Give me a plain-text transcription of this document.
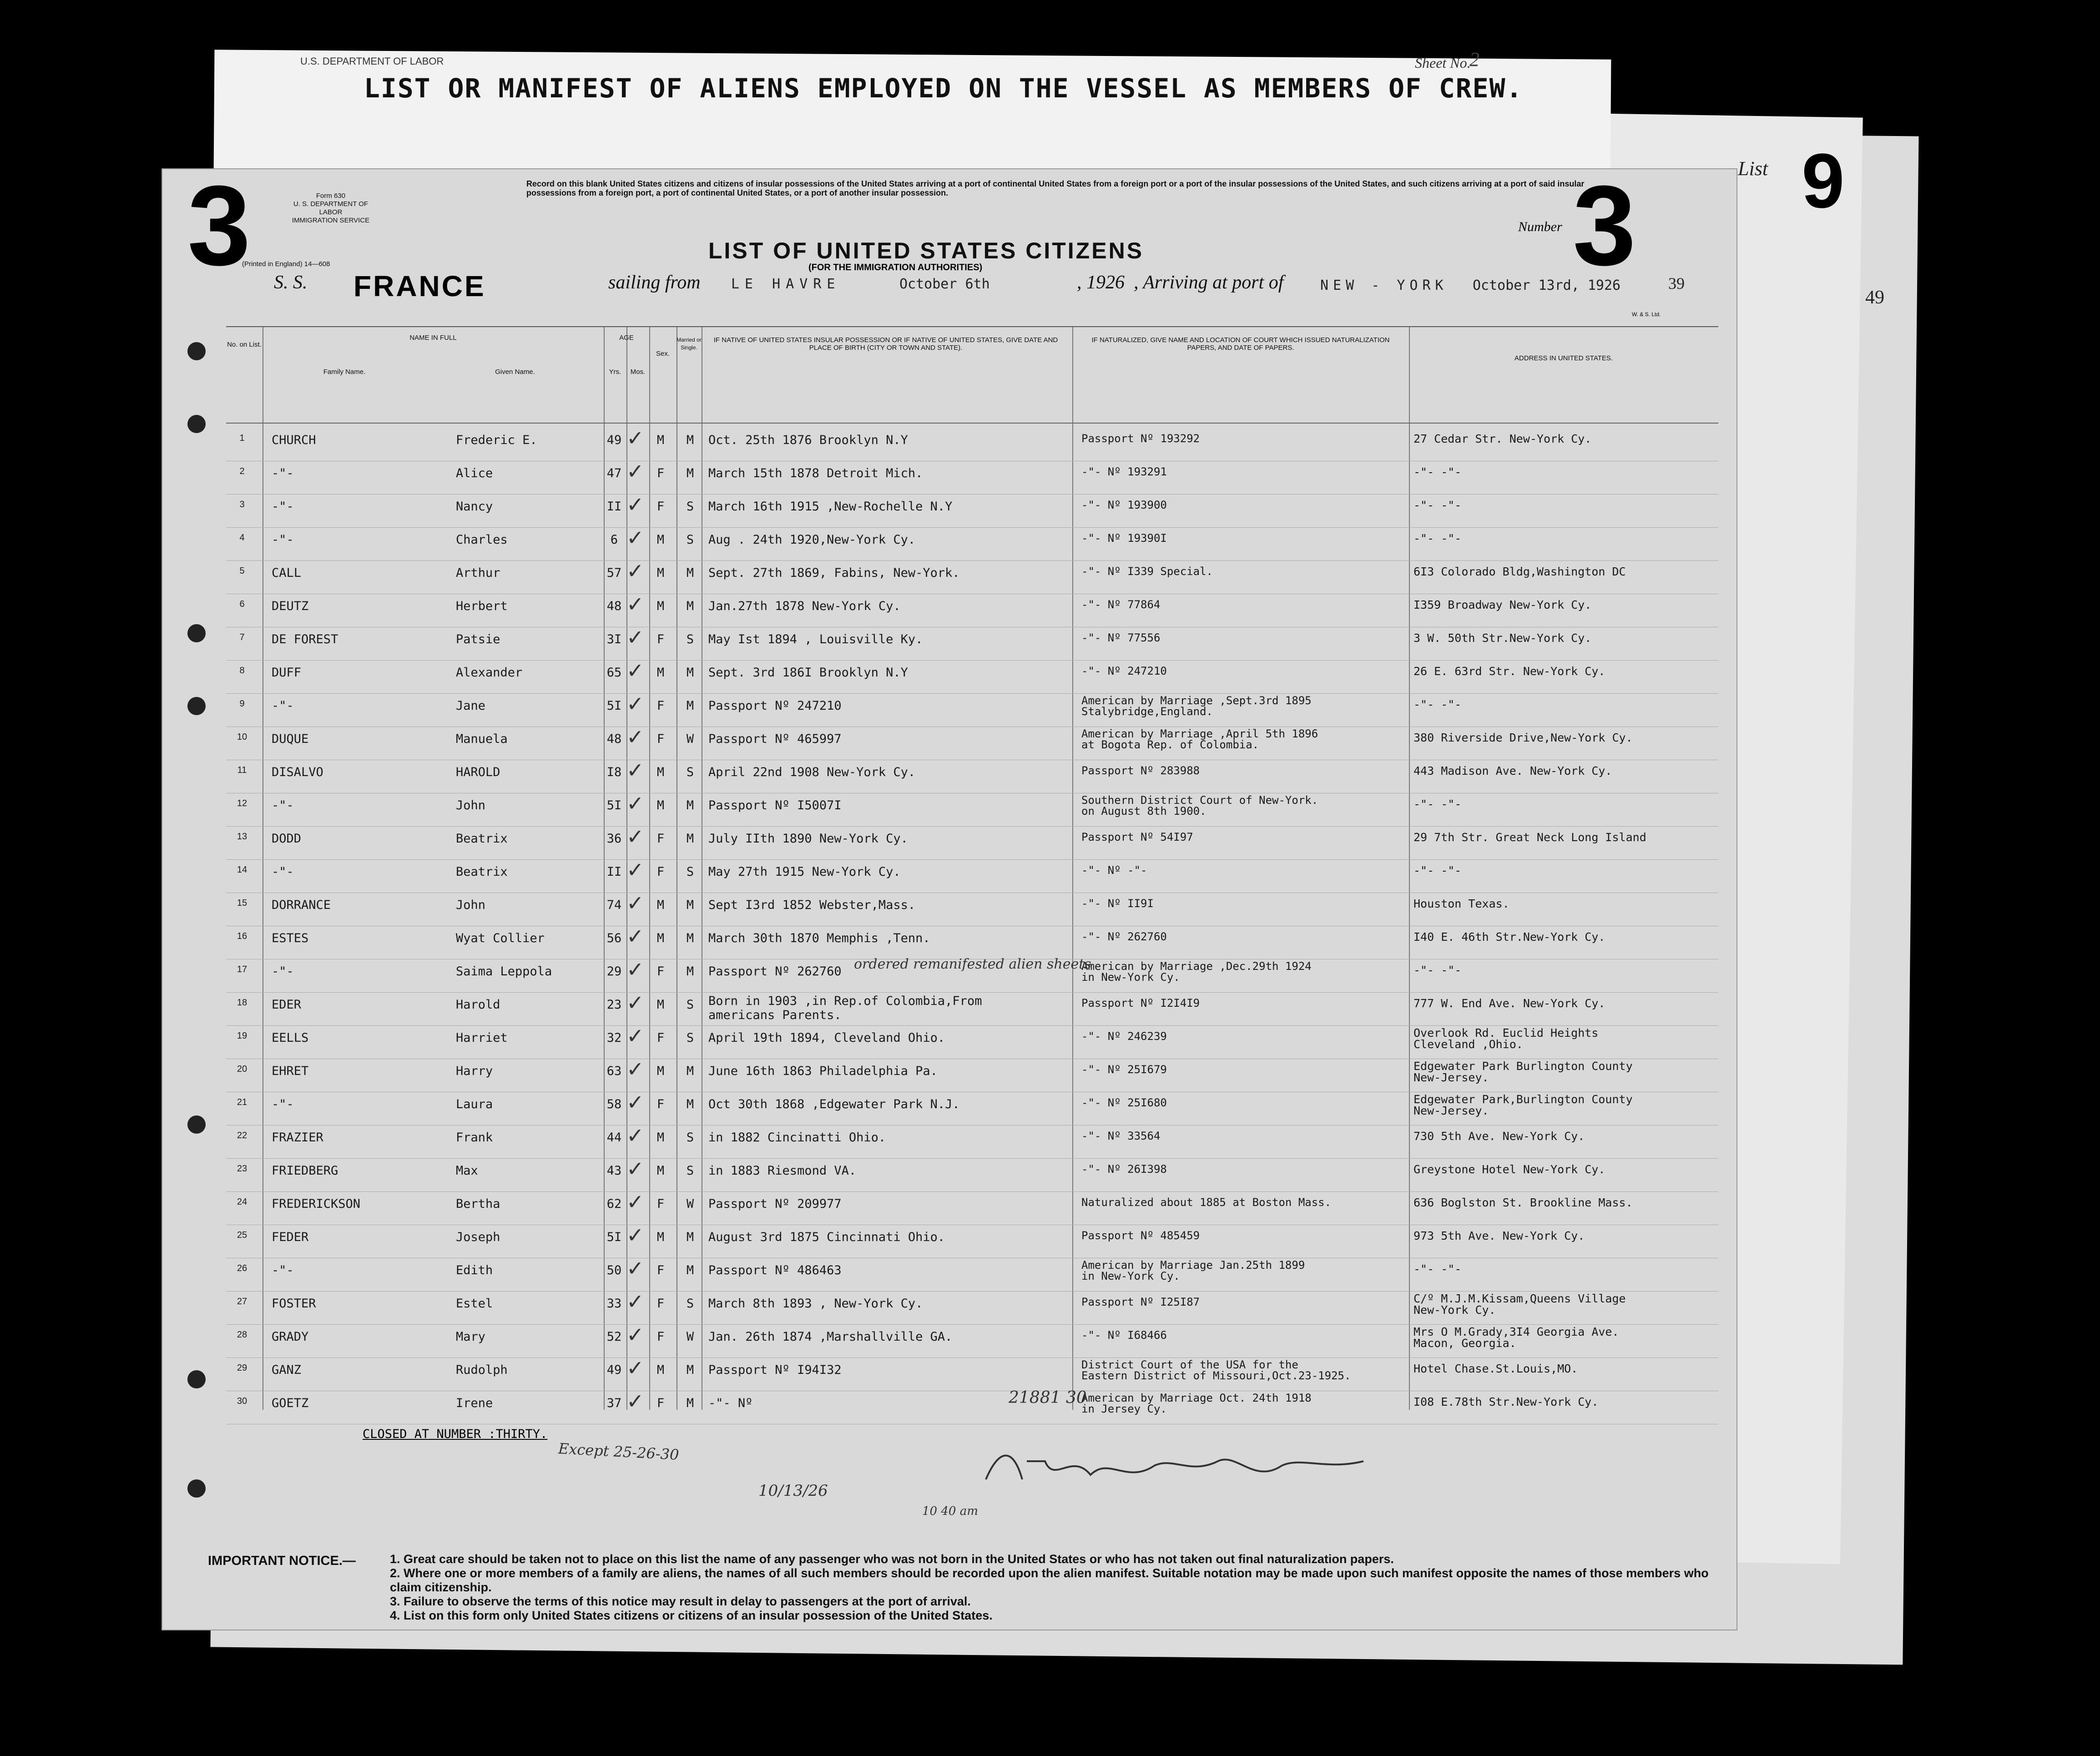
U.S. DEPARTMENT OF LABOR
LIST OR MANIFEST OF ALIENS EMPLOYED ON THE VESSEL AS MEMBERS OF CREW.
Sheet No.
2
List 9
49
3	3
Form 630
U. S. DEPARTMENT OF LABOR
IMMIGRATION SERVICE
(Printed in England) 14—608
Record on this blank United States citizens and citizens of insular possessions of the United States arriving at a port of continental United States from a foreign port or a port of the insular possessions of the United States, and such citizens arriving at a port of said insular possessions from a foreign port, a port of continental United States, or a port of another insular possession.
LIST OF UNITED STATES CITIZENS
(FOR THE IMMIGRATION AUTHORITIES)
Number
S. S. FRANCE	sailing from LE HAVRE	October 6th	, 1926 , Arriving at port of	NEW - YORK October 13rd, 1926	39
W. & S. Ltd.
No. on List.
NAME IN FULL
Family Name.	Given Name.
AGE
Yrs.	Mos.
Sex.
Married or Single.
IF NATIVE OF UNITED STATES INSULAR POSSESSION OR IF NATIVE OF UNITED STATES, GIVE DATE AND PLACE OF BIRTH (CITY OR TOWN AND STATE).
IF NATURALIZED, GIVE NAME AND LOCATION OF COURT WHICH ISSUED NATURALIZATION PAPERS, AND DATE OF PAPERS.
ADDRESS IN UNITED STATES.
1	CHURCH	Frederic E.	49	M	M	Oct. 25th 1876 Brooklyn N.Y	Passport Nº 193292	27 Cedar Str. New-York Cy.
✓
2	-"-	Alice	47	F	M	March 15th 1878 Detroit Mich.	-"- Nº 193291	-"- -"-
✓
3	-"-	Nancy	II	F	S	March 16th 1915 ,New-Rochelle N.Y	-"- Nº 193900	-"- -"-
✓
4	-"-	Charles	6	M	S	Aug . 24th 1920,New-York Cy.	-"- Nº 19390I	-"- -"-
✓
5	CALL	Arthur	57	M	M	Sept. 27th 1869, Fabins, New-York.	-"- Nº I339 Special.	6I3 Colorado Bldg,Washington DC
✓
6	DEUTZ	Herbert	48	M	M	Jan.27th 1878 New-York Cy.	-"- Nº 77864	I359 Broadway New-York Cy.
✓
7	DE FOREST	Patsie	3I	F	S	May Ist 1894 , Louisville Ky.	-"- Nº 77556	3 W. 50th Str.New-York Cy.
✓
8	DUFF	Alexander	65	M	M	Sept. 3rd 186I Brooklyn N.Y	-"- Nº 247210	26 E. 63rd Str. New-York Cy.
✓
9	-"-	Jane	5I	F	M	Passport Nº 247210	American by Marriage ,Sept.3rd 1895
Stalybridge,England.
-"- -"-
✓
10	DUQUE	Manuela	48	F	W	Passport Nº 465997	American by Marriage ,April 5th 1896
at Bogota Rep. of Colombia.
380 Riverside Drive,New-York Cy.
✓
11	DISALVO	HAROLD	I8	M	S	April 22nd 1908 New-York Cy.	Passport Nº 283988	443 Madison Ave. New-York Cy.
✓
12	-"-	John	5I	M	M	Passport Nº I5007I	Southern District Court of New-York.
on August 8th 1900.
-"- -"-
✓
13	DODD	Beatrix	36	F	M	July IIth 1890 New-York Cy.	Passport Nº 54I97	29 7th Str. Great Neck Long Island
✓
14	-"-	Beatrix	II	F	S	May 27th 1915 New-York Cy.	-"- Nº -"-	-"- -"-
✓
15	DORRANCE	John	74	M	M	Sept I3rd 1852 Webster,Mass.	-"- Nº II9I	Houston Texas.
✓
16	ESTES	Wyat Collier	56	M	M	March 30th 1870 Memphis ,Tenn.	-"- Nº 262760	I40 E. 46th Str.New-York Cy.
✓
17	-"-	Saima Leppola	29	F	M	Passport Nº 262760	American by Marriage ,Dec.29th 1924
in New-York Cy.
-"- -"-
✓
18	EDER	Harold	23	M	S	Born in 1903 ,in Rep.of Colombia,From
americans Parents.
Passport Nº I2I4I9	777 W. End Ave. New-York Cy.
✓
19	EELLS	Harriet	32	F	S	April 19th 1894, Cleveland Ohio.	-"- Nº 246239	Overlook Rd. Euclid Heights
Cleveland ,Ohio.
✓
20	EHRET	Harry	63	M	M	June 16th 1863 Philadelphia Pa.	-"- Nº 25I679	Edgewater Park Burlington County
New-Jersey.
✓
21	-"-	Laura	58	F	M	Oct 30th 1868 ,Edgewater Park N.J.	-"- Nº 25I680	Edgewater Park,Burlington County
New-Jersey.
✓
22	FRAZIER	Frank	44	M	S	in 1882 Cincinatti Ohio.	-"- Nº 33564	730 5th Ave. New-York Cy.
✓
23	FRIEDBERG	Max	43	M	S	in 1883 Riesmond VA.	-"- Nº 26I398	Greystone Hotel New-York Cy.
✓
24	FREDERICKSON	Bertha	62	F	W	Passport Nº 209977	Naturalized about 1885 at Boston Mass.	636 Boglston St. Brookline Mass.
✓
25	FEDER	Joseph	5I	M	M	August 3rd 1875 Cincinnati Ohio.	Passport Nº 485459	973 5th Ave. New-York Cy.
✓
26	-"-	Edith	50	F	M	Passport Nº 486463	American by Marriage Jan.25th 1899
in New-York Cy.
-"- -"-
✓
27	FOSTER	Estel	33	F	S	March 8th 1893 , New-York Cy.	Passport Nº I25I87	C/º M.J.M.Kissam,Queens Village
New-York Cy.
✓
28	GRADY	Mary	52	F	W	Jan. 26th 1874 ,Marshallville GA.	-"- Nº I68466	Mrs O M.Grady,3I4 Georgia Ave.
Macon, Georgia.
✓
29	GANZ	Rudolph	49	M	M	Passport Nº I94I32	District Court of the USA for the
Eastern District of Missouri,Oct.23-1925.
Hotel Chase.St.Louis,MO.
✓
30	GOETZ	Irene	37	F	M	-"- Nº	American by Marriage Oct. 24th 1918
in Jersey Cy.
I08 E.78th Str.New-York Cy.
✓
CLOSED AT NUMBER :THIRTY.
Except 25-26-30
10/13/26
21881 30
10 40 am
ordered remanifested alien sheets
IMPORTANT NOTICE.—	1. Great care should be taken not to place on this list the name of any passenger who was not born in the United States or who has not taken out final naturalization papers.
2. Where one or more members of a family are aliens, the names of all such members should be recorded upon the alien manifest. Suitable notation may be made upon such manifest opposite the names of those members who claim citizenship.
3. Failure to observe the terms of this notice may result in delay to passengers at the port of arrival.
4. List on this form only United States citizens or citizens of an insular possession of the United States.
